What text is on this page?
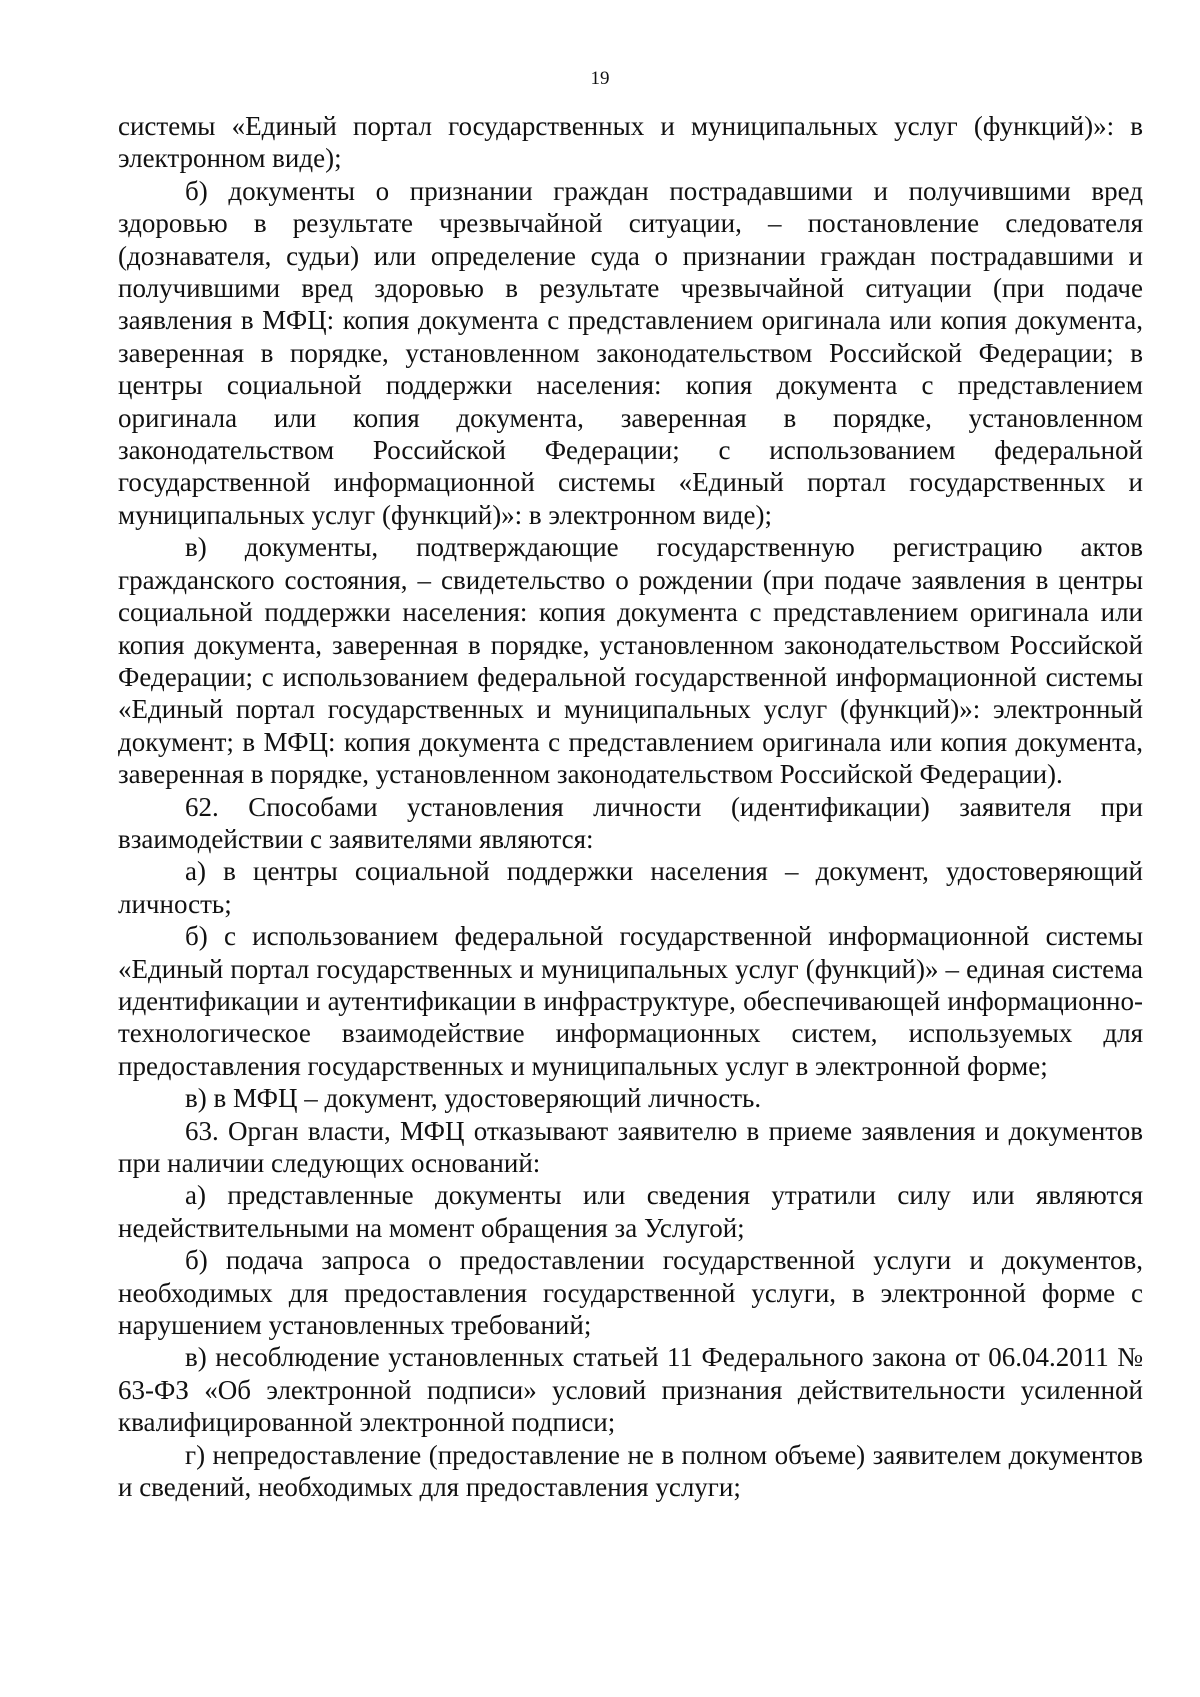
19

системы «Единый портал государственных и муниципальных услуг (функций)»: в электронном виде);

б) документы о признании граждан пострадавшими и получившими вред здоровью в результате чрезвычайной ситуации, – постановление следователя (дознавателя, судьи) или определение суда о признании граждан пострадавшими и получившими вред здоровью в результате чрезвычайной ситуации (при подаче заявления в МФЦ: копия документа с представлением оригинала или копия документа, заверенная в порядке, установленном законодательством Российской Федерации; в центры социальной поддержки населения: копия документа с представлением оригинала или копия документа, заверенная в порядке, установленном законодательством Российской Федерации; с использованием федеральной государственной информационной системы «Единый портал государственных и муниципальных услуг (функций)»: в электронном виде);

в) документы, подтверждающие государственную регистрацию актов гражданского состояния, – свидетельство о рождении (при подаче заявления в центры социальной поддержки населения: копия документа с представлением оригинала или копия документа, заверенная в порядке, установленном законодательством Российской Федерации; с использованием федеральной государственной информационной системы «Единый портал государственных и муниципальных услуг (функций)»: электронный документ; в МФЦ: копия документа с представлением оригинала или копия документа, заверенная в порядке, установленном законодательством Российской Федерации).

62. Способами установления личности (идентификации) заявителя при взаимодействии с заявителями являются:

а) в центры социальной поддержки населения – документ, удостоверяющий личность;

б) с использованием федеральной государственной информационной системы «Единый портал государственных и муниципальных услуг (функций)» – единая система идентификации и аутентификации в инфраструктуре, обеспечивающей информационно-технологическое взаимодействие информационных систем, используемых для предоставления государственных и муниципальных услуг в электронной форме;

в) в МФЦ – документ, удостоверяющий личность.

63. Орган власти, МФЦ отказывают заявителю в приеме заявления и документов при наличии следующих оснований:

а) представленные документы или сведения утратили силу или являются недействительными на момент обращения за Услугой;

б) подача запроса о предоставлении государственной услуги и документов, необходимых для предоставления государственной услуги, в электронной форме с нарушением установленных требований;

в) несоблюдение установленных статьей 11 Федерального закона от 06.04.2011 № 63-ФЗ «Об электронной подписи» условий признания действительности усиленной квалифицированной электронной подписи;

г) непредоставление (предоставление не в полном объеме) заявителем документов и сведений, необходимых для предоставления услуги;
